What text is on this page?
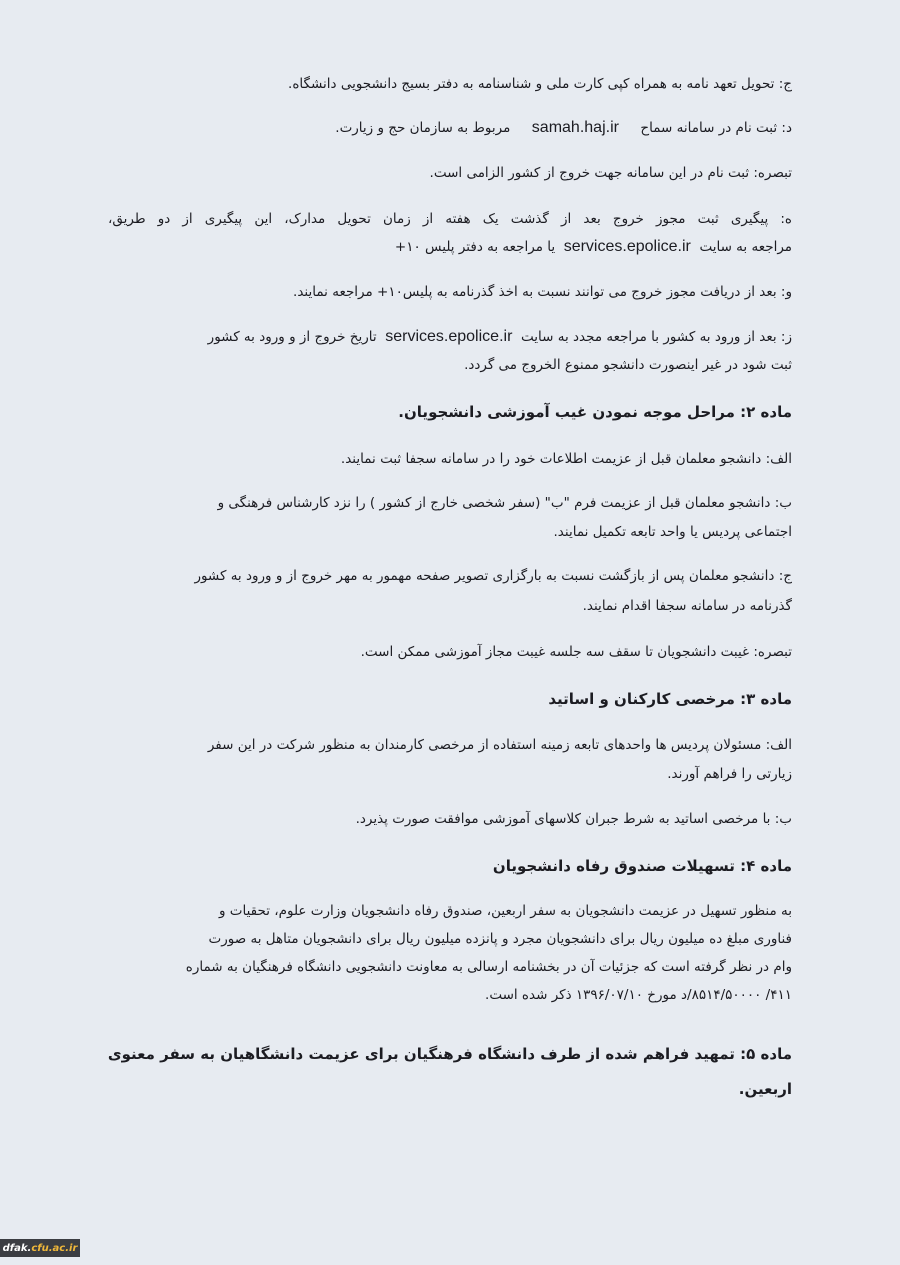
ج: تحویل تعهد نامه به همراه کپی کارت ملی و شناسنامه به دفتر بسیج دانشجویی دانشگاه.
د: ثبت نام در سامانه سماح     samah.haj.ir     مربوط به سازمان حج و زیارت.
تبصره: ثبت نام در این سامانه جهت خروج از کشور الزامی است.
ه: پیگیری ثبت مجوز خروج بعد از گذشت یک هفته از زمان تحویل مدارک، این پیگیری از دو طریق،
مراجعه به سایت  services.epolice.ir  یا مراجعه به دفتر پلیس ۱۰+
و: بعد از دریافت مجوز خروج می توانند نسبت به اخذ گذرنامه به پلیس۱۰+ مراجعه نمایند.
ز: بعد از ورود به کشور با مراجعه مجدد به سایت  services.epolice.ir  تاریخ خروج از و ورود به کشور
ثبت شود در غیر اینصورت دانشجو ممنوع الخروج می گردد.
ماده ۲: مراحل موجه نمودن غیب آموزشی دانشجویان.
الف: دانشجو معلمان قبل از عزیمت اطلاعات خود را در سامانه سجفا ثبت نمایند.
ب: دانشجو معلمان قبل از عزیمت فرم "ب" (سفر شخصی خارج از کشور ) را نزد کارشناس فرهنگی و
اجتماعی پردیس یا واحد تابعه تکمیل نمایند.
ج: دانشجو معلمان پس از بازگشت نسبت به بارگزاری تصویر صفحه مهمور به مهر خروج از و ورود به کشور
گذرنامه در سامانه سجفا اقدام نمایند.
تبصره: غیبت دانشجویان تا سقف سه جلسه غیبت مجاز آموزشی ممکن است.
ماده ۳: مرخصی کارکنان و اساتید
الف: مسئولان پردیس ها واحدهای تابعه زمینه استفاده از مرخصی کارمندان به منظور شرکت در این سفر
زیارتی را فراهم آورند.
ب: با مرخصی اساتید به شرط جبران کلاسهای آموزشی موافقت صورت پذیرد.
ماده ۴: تسهیلات صندوق رفاه دانشجویان
به منظور تسهیل در عزیمت دانشجویان به سفر اربعین، صندوق رفاه دانشجویان وزارت علوم، تحقیات و
فناوری مبلغ ده میلیون ریال برای دانشجویان مجرد و پانزده میلیون ریال برای دانشجویان متاهل به صورت
وام در نظر گرفته است که جزئیات آن در بخشنامه ارسالی به معاونت دانشجویی دانشگاه فرهنگیان به شماره
۴۱۱/ ۸۵۱۴/۵۰۰۰۰/د مورخ ۱۳۹۶/۰۷/۱۰ ذکر شده است.
ماده ۵: تمهید فراهم شده از طرف دانشگاه فرهنگیان برای عزیمت دانشگاهیان به سفر معنوی
اربعین.
dfak. cfu.ac.ir
